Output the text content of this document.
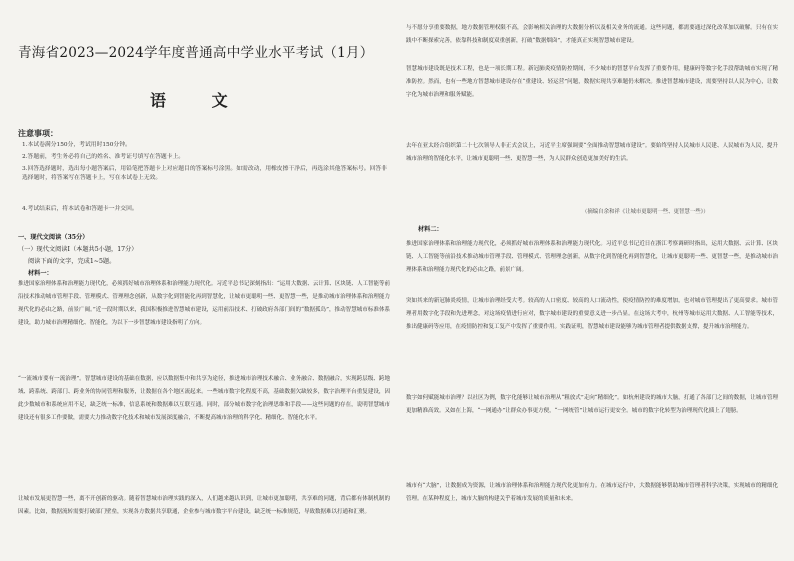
青海省2023—2024学年度普通高中学业水平考试（1月）
语 文
注意事项：
1.本试卷满分150分，考试用时150分钟。
2.答题前，考生务必将自己的姓名、准考证号填写在答题卡上。
3.回答选择题时，选出每小题答案后，用铅笔把答题卡上对应题目的答案标号涂黑。如需改动，用橡皮擦干净后，再选涂其他答案标号。回答非选择题时，将答案写在答题卡上，写在本试卷上无效。
4.考试结束后，将本试卷和答题卡一并交回。
一、现代文阅读（35分）
（一）现代文阅读Ⅰ（本题共5小题，17分）
阅读下面的文字，完成1~5题。
材料一：
推进国家治理体系和治理能力现代化，必须抓好城市治理体系和治理能力现代化。习近平总书记深刻指出：“运用大数据、云计算、区块链、人工智能等前沿技术推动城市管理手段、管理模式、管理理念创新，从数字化到智能化再到智慧化，让城市更聪明一些、更智慧一些，是推动城市治理体系和治理能力现代化的必由之路，前景广阔。”近一段时期以来，我国积极推进智慧城市建设，运用前沿技术、打破政府各部门间的“数据孤岛”，推动智慧城市标准体系建设，助力城市治理精细化、智能化，为以下一步智慧城市建设指明了方向。
“一流城市要有一流治理”。智慧城市建设的基础在数据，应以数据集中和共享为途径，推进城市治理技术融合、业务融合、数据融合，实现跨层级、跨地域、跨系统、跨部门、跨业务的协同管理和服务，让数据在各个地区流起来。一些城市数字化程度不高，基础数据欠缺较多，数字治理平台重复建设，因此少数城市和系统应用不足，缺乏统一标准，信息系统和数据难以互联互通。同时，部分城市数字化治理思维和手段——这些问题的存在，说明智慧城市建设还有很多工作要做，需要大力推动数字化技术和城市发展深度融合，不断提高城市治理的科学化、精细化、智能化水平。
让城市发展更智慧一些，离不开创新的驱动。随着智慧城市治理实践的深入，人们越来越认识到，让城市更加聪明，共享难的问题，背后都有体制机制的因素。比如，数据流转需要打破部门壁垒，实现各方数据共享联通，企业参与城市数字平台建设，缺乏统一标准规范，导致数据难以打通和汇聚。
与不愿分享重要数据，地方数据管理权限不高，会影响相关治理的大数据分析以及相关业务的流通。这些问题，都需要通过深化改革加以破解。只有在实践中不断探索完善，依靠科技和制度双重创新，打破“数据烟囱”，才能真正实现智慧城市建设。
智慧城市建设既是技术工程，也是一项长期工程。新冠肺炎疫情防控期间，不少城市的智慧平台发挥了重要作用，健康码等数字化手段帮助城市实现了精准防控。然而，也有一些地方智慧城市建设存在“重建设、轻运营”问题，数据实现共享难题仍未解决。推进智慧城市建设，需要坚持以人民为中心，让数字化为城市治理和服务赋能。
去年在亚太经合组织第二十七次领导人非正式会议上，习近平主席强调要“全面推动智慧城市建设”。要始终坚持人民城市人民建、人民城市为人民，提升城市治理的智能化水平，让城市更聪明一些、更智慧一些，为人民群众创造更加美好的生活。
（摘编自余和祥《让城市更聪明一些、更智慧一些》）
材料二：
推进国家治理体系和治理能力现代化，必须抓好城市治理体系和治理能力现代化。习近平总书记近日在浙江考察调研时指出，运用大数据、云计算、区块链、人工智能等前沿技术推动城市管理手段、管理模式、管理理念创新，从数字化到智能化再到智慧化，让城市更聪明一些、更智慧一些，是推动城市治理体系和治理能力现代化的必由之路，前景广阔。
突如其来的新冠肺炎疫情，让城市治理经受大考。较高的人口密度、较高的人口流动性，使疫情防控的难度增加，也对城市管理提出了更高要求。城市管理者用数字化手段和先进理念，对这场疫情进行应对，数字城市建设的重要意义进一步凸显。在这场大考中，杭州等城市运用大数据、人工智能等技术，推出健康码等应用，在疫情防控和复工复产中发挥了重要作用。实践证明，智慧城市建设能够为城市管理者提供数据支撑，提升城市治理能力。
数字如何赋能城市治理？以社区为例，数字化能够让城市治理从“粗放式”走向“精细化”。如杭州建设的城市大脑，打通了各部门之间的数据，让城市管理更加精准高效。又如在上海，“一网通办”让群众办事更方便，“一网统管”让城市运行更安全。城市的数字化转型为治理现代化插上了翅膀。
城市有“大脑”，让数据成为资源，让城市治理体系和治理能力现代化更加有力。在城市运行中，大数据能够帮助城市管理者科学决策，实现城市的精细化管理。在某种程度上，城市大脑的构建关乎着城市发展的质量和未来。
